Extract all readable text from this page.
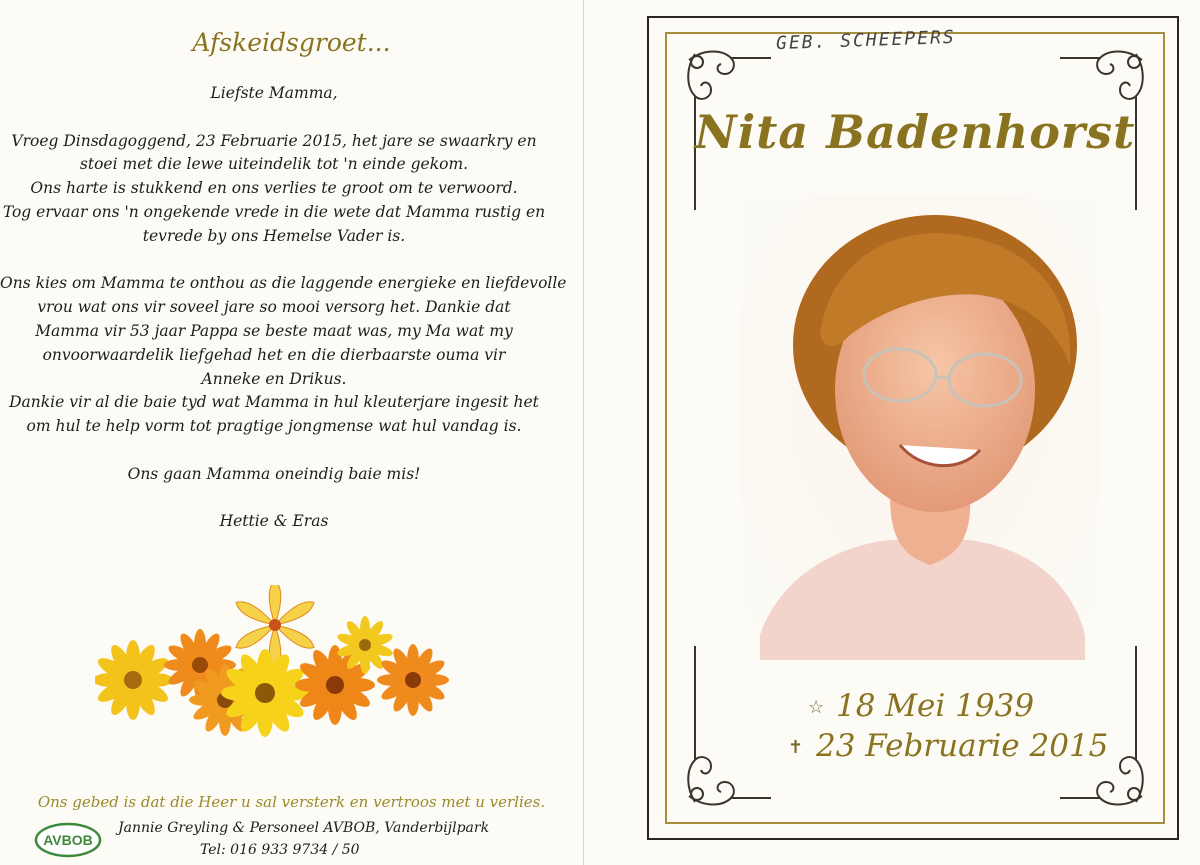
Afskeidsgroet...
Liefste Mamma,
Vroeg Dinsdagoggend, 23 Februarie 2015, het jare se swaarkry en
stoei met die lewe uiteindelik tot 'n einde gekom.
Ons harte is stukkend en ons verlies te groot om te verwoord.
Tog ervaar ons 'n ongekende vrede in die wete dat Mamma rustig en
tevrede by ons Hemelse Vader is.
Ons kies om Mamma te onthou as die laggende energieke en liefdevolle
vrou wat ons vir soveel jare so mooi versorg het. Dankie dat
Mamma vir 53 jaar Pappa se beste maat was, my Ma wat my
onvoorwaardelik liefgehad het en die dierbaarste ouma vir
Anneke en Drikus.
Dankie vir al die baie tyd wat Mamma in hul kleuterjare ingesit het
om hul te help vorm tot pragtige jongmense wat hul vandag is.
Ons gaan Mamma oneindig baie mis!
Hettie & Eras
Ons gebed is dat die Heer u sal versterk en vertroos met u verlies.
Jannie Greyling & Personeel AVBOB, Vanderbijlpark
Tel: 016 933 9734 / 50
AVBOB
GEB. SCHEEPERS
Nita Badenhorst
☆ 18 Mei 1939
✝ 23 Februarie 2015
